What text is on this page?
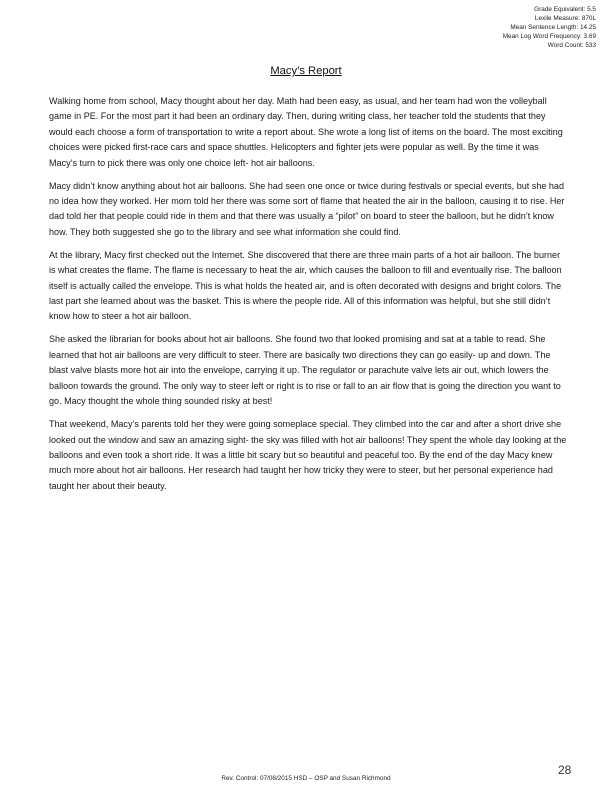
Grade Equivalent: 5.5
Lexile Measure: 870L
Mean Sentence Length: 14.25
Mean Log Word Frequency: 3.69
Word Count: 533
Macy’s Report

Walking home from school, Macy thought about her day. Math had been easy, as usual, and her team had won the volleyball game in PE. For the most part it had been an ordinary day. Then, during writing class, her teacher told the students that they would each choose a form of transportation to write a report about. She wrote a long list of items on the board. The most exciting choices were picked first-race cars and space shuttles. Helicopters and fighter jets were popular as well. By the time it was Macy’s turn to pick there was only one choice left- hot air balloons.

Macy didn’t know anything about hot air balloons. She had seen one once or twice during festivals or special events, but she had no idea how they worked. Her mom told her there was some sort of flame that heated the air in the balloon, causing it to rise. Her dad told her that people could ride in them and that there was usually a “pilot” on board to steer the balloon, but he didn’t know how. They both suggested she go to the library and see what information she could find.

At the library, Macy first checked out the Internet. She discovered that there are three main parts of a hot air balloon. The burner is what creates the flame. The flame is necessary to heat the air, which causes the balloon to fill and eventually rise. The balloon itself is actually called the envelope. This is what holds the heated air, and is often decorated with designs and bright colors. The last part she learned about was the basket. This is where the people ride. All of this information was helpful, but she still didn’t know how to steer a hot air balloon.

She asked the librarian for books about hot air balloons. She found two that looked promising and sat at a table to read. She learned that hot air balloons are very difficult to steer. There are basically two directions they can go easily- up and down. The blast valve blasts more hot air into the envelope, carrying it up. The regulator or parachute valve lets air out, which lowers the balloon towards the ground. The only way to steer left or right is to rise or fall to an air flow that is going the direction you want to go. Macy thought the whole thing sounded risky at best!

That weekend, Macy’s parents told her they were going someplace special. They climbed into the car and after a short drive she looked out the window and saw an amazing sight- the sky was filled with hot air balloons! They spent the whole day looking at the balloons and even took a short ride. It was a little bit scary but so beautiful and peaceful too. By the end of the day Macy knew much more about hot air balloons. Her research had taught her how tricky they were to steer, but her personal experience had taught her about their beauty.

Rev. Control: 07/08/2015 HSD – OSP and Susan Richmond
28
